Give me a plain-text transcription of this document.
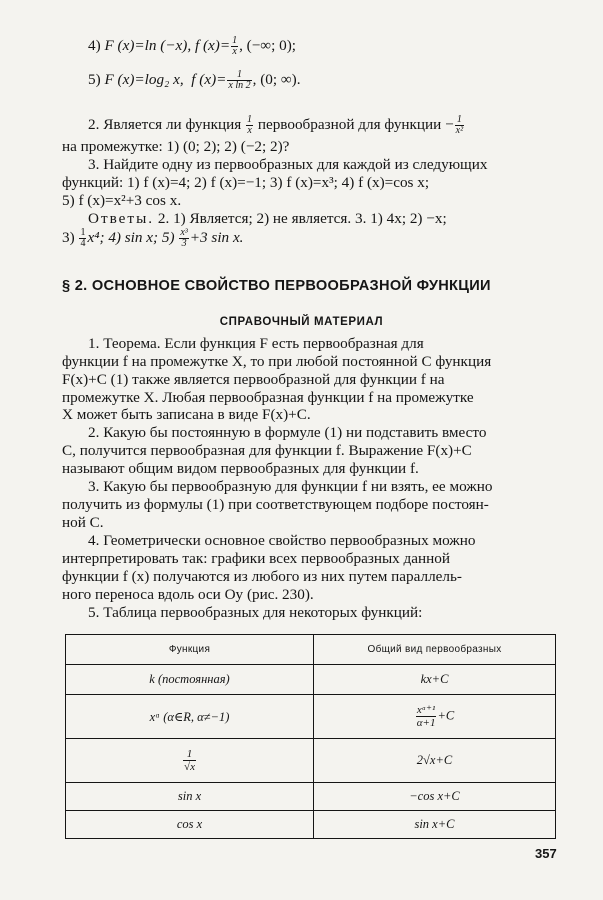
4) F (x)=ln (−x), f $(x)= \frac{1}{x}$ , (−∞; 0);
5) F (x)=log₂ x, f $(x)= \frac{1}{\text{x ln 2}}$ , (0; ∞).
2. Является ли функция $\frac{1}{x}$ первообразной для функции − $\frac{1}{\text{x²}}$
на промежутке: 1) (0; 2); 2) (−2; 2)?
3. Найдите одну из первообразных для каждой из следующих
функций: 1) f (x)=4; 2) f (x)=−1; 3) f (x)=x³; 4) f (x)=cos x;
5) f (x)=x²+3 cos x.
Ответы. 2. 1) Является; 2) не является. 3. 1) 4x; 2) −x;
$3) \frac{1}{4} x^4$; 4) sin x; $5) \frac{\text{x³}}{3} +3$ sin x.
§ 2. ОСНОВНОЕ СВОЙСТВО ПЕРВООБРАЗНОЙ ФУНКЦИИ
СПРАВОЧНЫЙ МАТЕРИАЛ
1. Теорема. Если функция F есть первообразная для
функции f на промежутке X, то при любой постоянной C функция
F(x)+C (1) также является первообразной для функции f на
промежутке X. Любая первообразная функции f на промежутке
X может быть записана в виде F(x)+C.
2. Какую бы постоянную в формуле (1) ни подставить вместо
C, получится первообразная для функции f. Выражение F(x)+C
называют общим видом первообразных для функции f.
3. Какую бы первообразную для функции f ни взять, ее можно
получить из формулы (1) при соответствующем подборе постоян-
ной C.
4. Геометрически основное свойство первообразных можно
интерпретировать так: графики всех первообразных данной
функции f (x) получаются из любого из них путем параллель-
ного переноса вдоль оси Oy (рис. 230).
5. Таблица первообразных для некоторых функций:
Функция	Общий вид первообразных
k (постоянная)	kx+C
xᵅ (α∈R, α≠−1)	$\frac{\text{xᵅ⁺¹}}{\alpha+1} +C$

$\frac{1}{√x}$	2√x+C
sin x	−cos x+C
cos x	sin x+C
357
